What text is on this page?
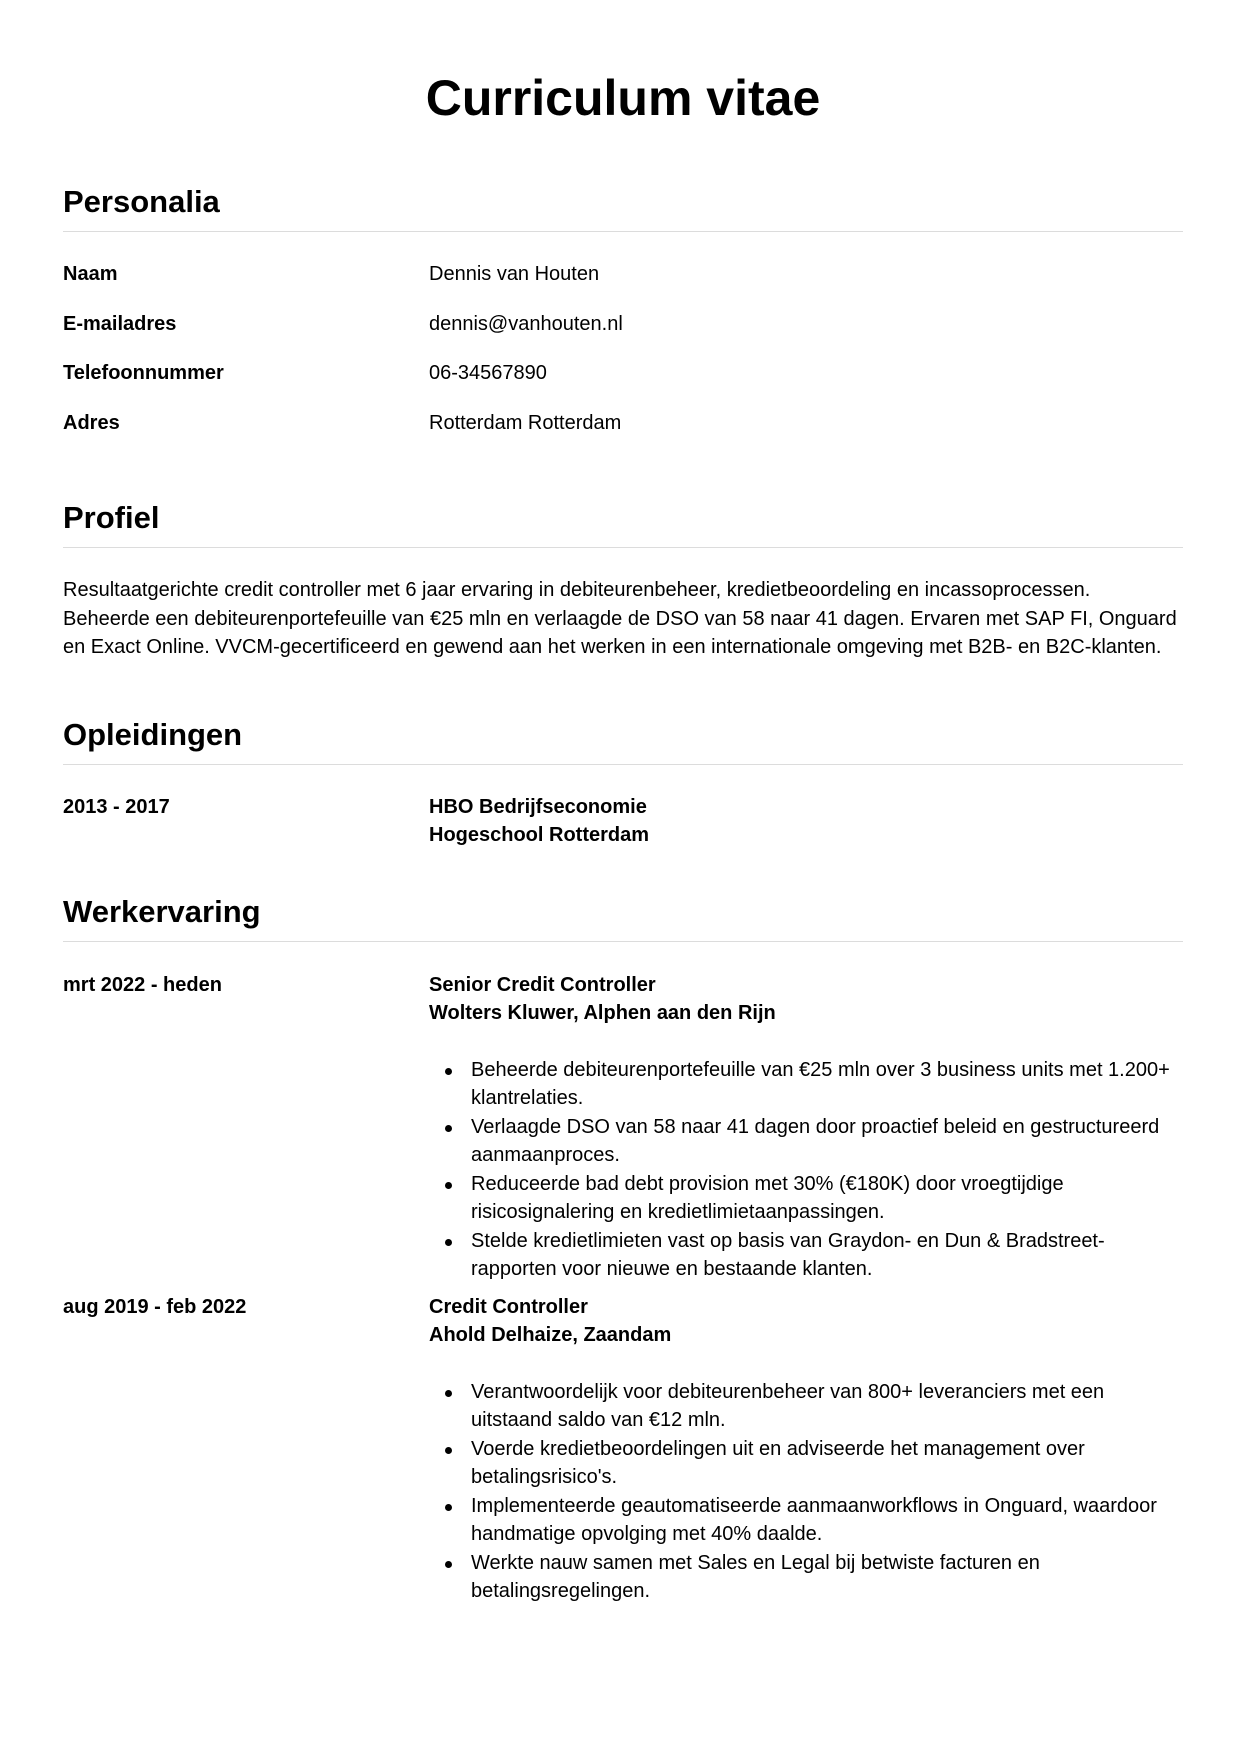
Curriculum vitae
Personalia
Naam	Dennis van Houten
E-mailadres	dennis@vanhouten.nl
Telefoonnummer	06-34567890
Adres	Rotterdam Rotterdam
Profiel

Resultaatgerichte credit controller met 6 jaar ervaring in debiteurenbeheer, kredietbeoordeling en incassoprocessen. Beheerde een debiteurenportefeuille van €25 mln en verlaagde de DSO van 58 naar 41 dagen. Ervaren met SAP FI, Onguard en Exact Online. VVCM-gecertificeerd en gewend aan het werken in een internationale omgeving met B2B- en B2C-klanten.

Opleidingen
2013 - 2017	HBO Bedrijfseconomie
Hogeschool Rotterdam
Werkervaring
mrt 2022 - heden	Senior Credit Controller
Wolters Kluwer, Alphen aan den Rijn
Beheerde debiteurenportefeuille van €25 mln over 3 business units met 1.200+ klantrelaties.
Verlaagde DSO van 58 naar 41 dagen door proactief beleid en gestructureerd aanmaanproces.
Reduceerde bad debt provision met 30% (€180K) door vroegtijdige risicosignalering en kredietlimietaanpassingen.
Stelde kredietlimieten vast op basis van Graydon- en Dun & Bradstreet-rapporten voor nieuwe en bestaande klanten.
aug 2019 - feb 2022	Credit Controller
Ahold Delhaize, Zaandam
Verantwoordelijk voor debiteurenbeheer van 800+ leveranciers met een uitstaand saldo van €12 mln.
Voerde kredietbeoordelingen uit en adviseerde het management over betalingsrisico's.
Implementeerde geautomatiseerde aanmaanworkflows in Onguard, waardoor handmatige opvolging met 40% daalde.
Werkte nauw samen met Sales en Legal bij betwiste facturen en betalingsregelingen.
